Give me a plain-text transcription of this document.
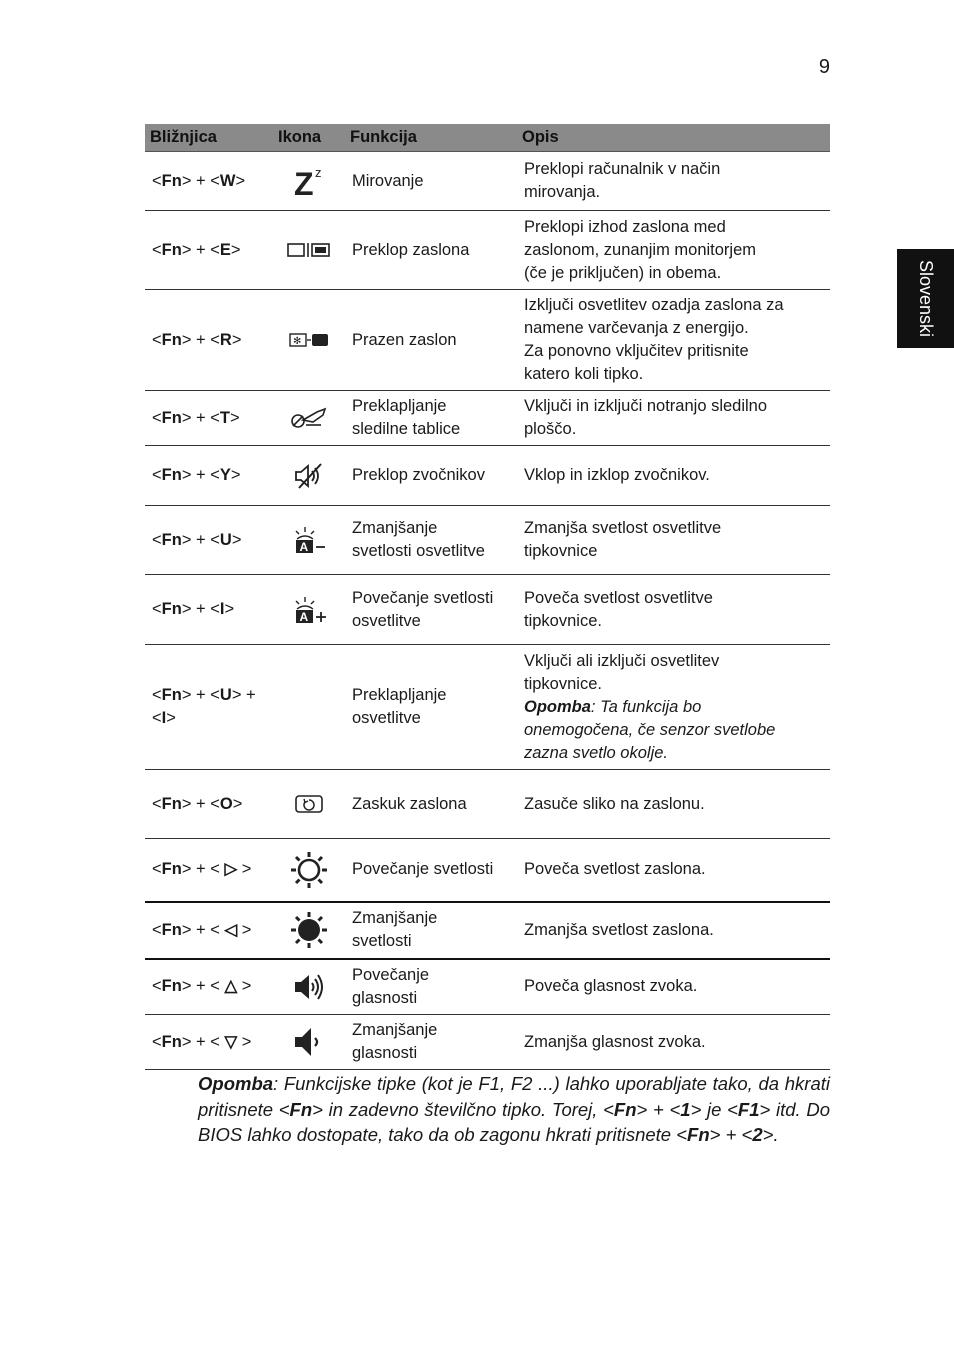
9
Slovenski
Bližnjica	Ikona	Funkcija	Opis

<Fn> + <W>	Z z	Mirovanje	Preklopi računalnik v način
mirovanja.

<Fn> + <E>		Preklop zaslona	Preklopi izhod zaslona med
zaslonom, zunanjim monitorjem
(če je priključen) in obema.

<Fn> + <R>	✻	Prazen zaslon	Izključi osvetlitev ozadja zaslona za
namene varčevanja z energijo.
Za ponovno vključitev pritisnite
katero koli tipko.

<Fn> + <T>		Preklapljanje
sledilne tablice	Vključi in izključi notranjo sledilno
ploščo.

<Fn> + <Y>		Preklop zvočnikov	Vklop in izklop zvočnikov.

<Fn> + <U>	A	Zmanjšanje
svetlosti osvetlitve	Zmanjša svetlost osvetlitve
tipkovnice

<Fn> + <I>	A	Povečanje svetlosti
osvetlitve	Poveča svetlost osvetlitve
tipkovnice.

<Fn> + <U> +
<I>		Preklapljanje
osvetlitve	Vključi ali izključi osvetlitev
tipkovnice.
Opomba: Ta funkcija bo
onemogočena, če senzor svetlobe
zazna svetlo okolje.

<Fn> + <O>		Zaskuk zaslona	Zasuče sliko na zaslonu.

<Fn> + < ▷ >		Povečanje svetlosti	Poveča svetlost zaslona.

<Fn> + < ◁ >		Zmanjšanje
svetlosti	Zmanjša svetlost zaslona.

<Fn> + < △ >		Povečanje
glasnosti	Poveča glasnost zvoka.

<Fn> + < ▽ >		Zmanjšanje
glasnosti	Zmanjša glasnost zvoka.
Opomba: Funkcijske tipke (kot je F1, F2 ...) lahko uporabljate tako, da hkrati pritisnete <Fn> in zadevno številčno tipko. Torej, <Fn> + <1> je <F1> itd. Do BIOS lahko dostopate, tako da ob zagonu hkrati pritisnete <Fn> + <2>.
